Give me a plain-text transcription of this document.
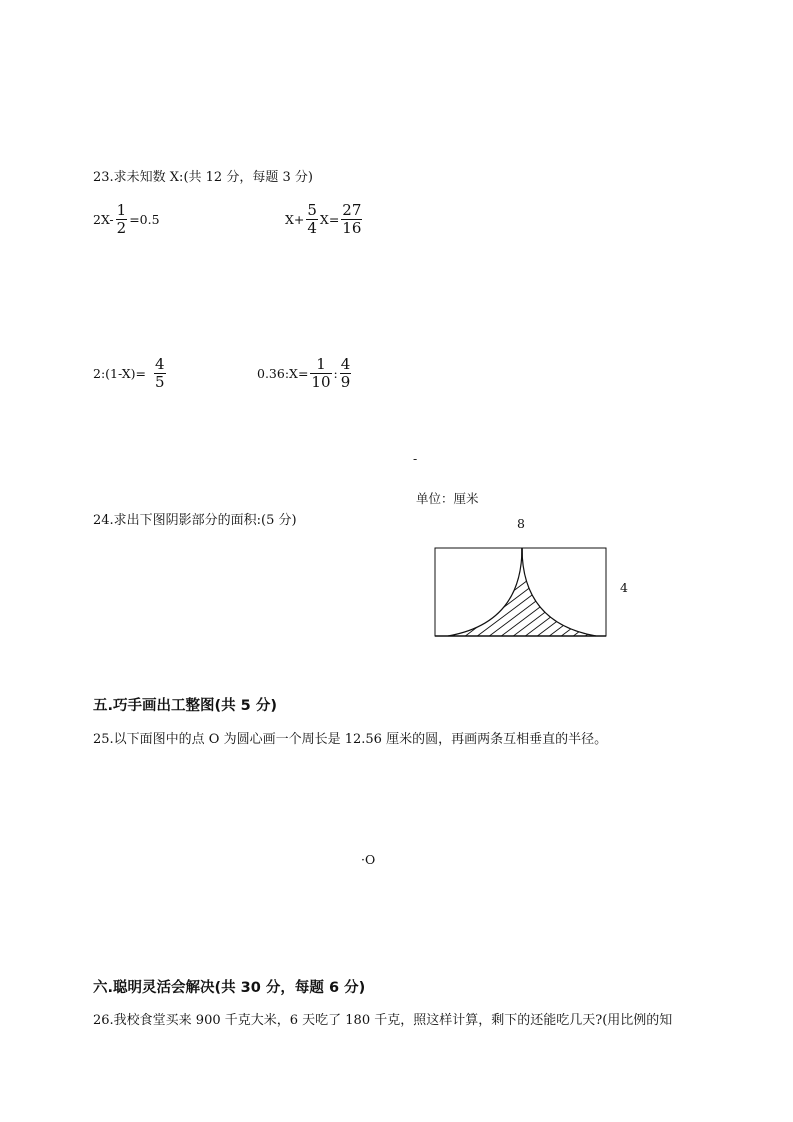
23.求未知数 X:(共 12 分，每题 3 分)
$2X- \frac{1}{2} =0.5$	$X+ \frac{5}{4} X= \frac{27}{16}$
2:(1-X)= $\frac{4}{5}$	0.36:X= $\frac{1}{10}$ : $\frac{4}{9}$
-
单位：厘米
24.求出下图阴影部分的面积:(5 分)	8
4
五.巧手画出工整图(共 5 分)
25.以下面图中的点 O 为圆心画一个周长是 12.56 厘米的圆，再画两条互相垂直的半径。
·O
六.聪明灵活会解决(共 30 分，每题 6 分)
26.我校食堂买来 900 千克大米，6 天吃了 180 千克，照这样计算，剩下的还能吃几天?(用比例的知
